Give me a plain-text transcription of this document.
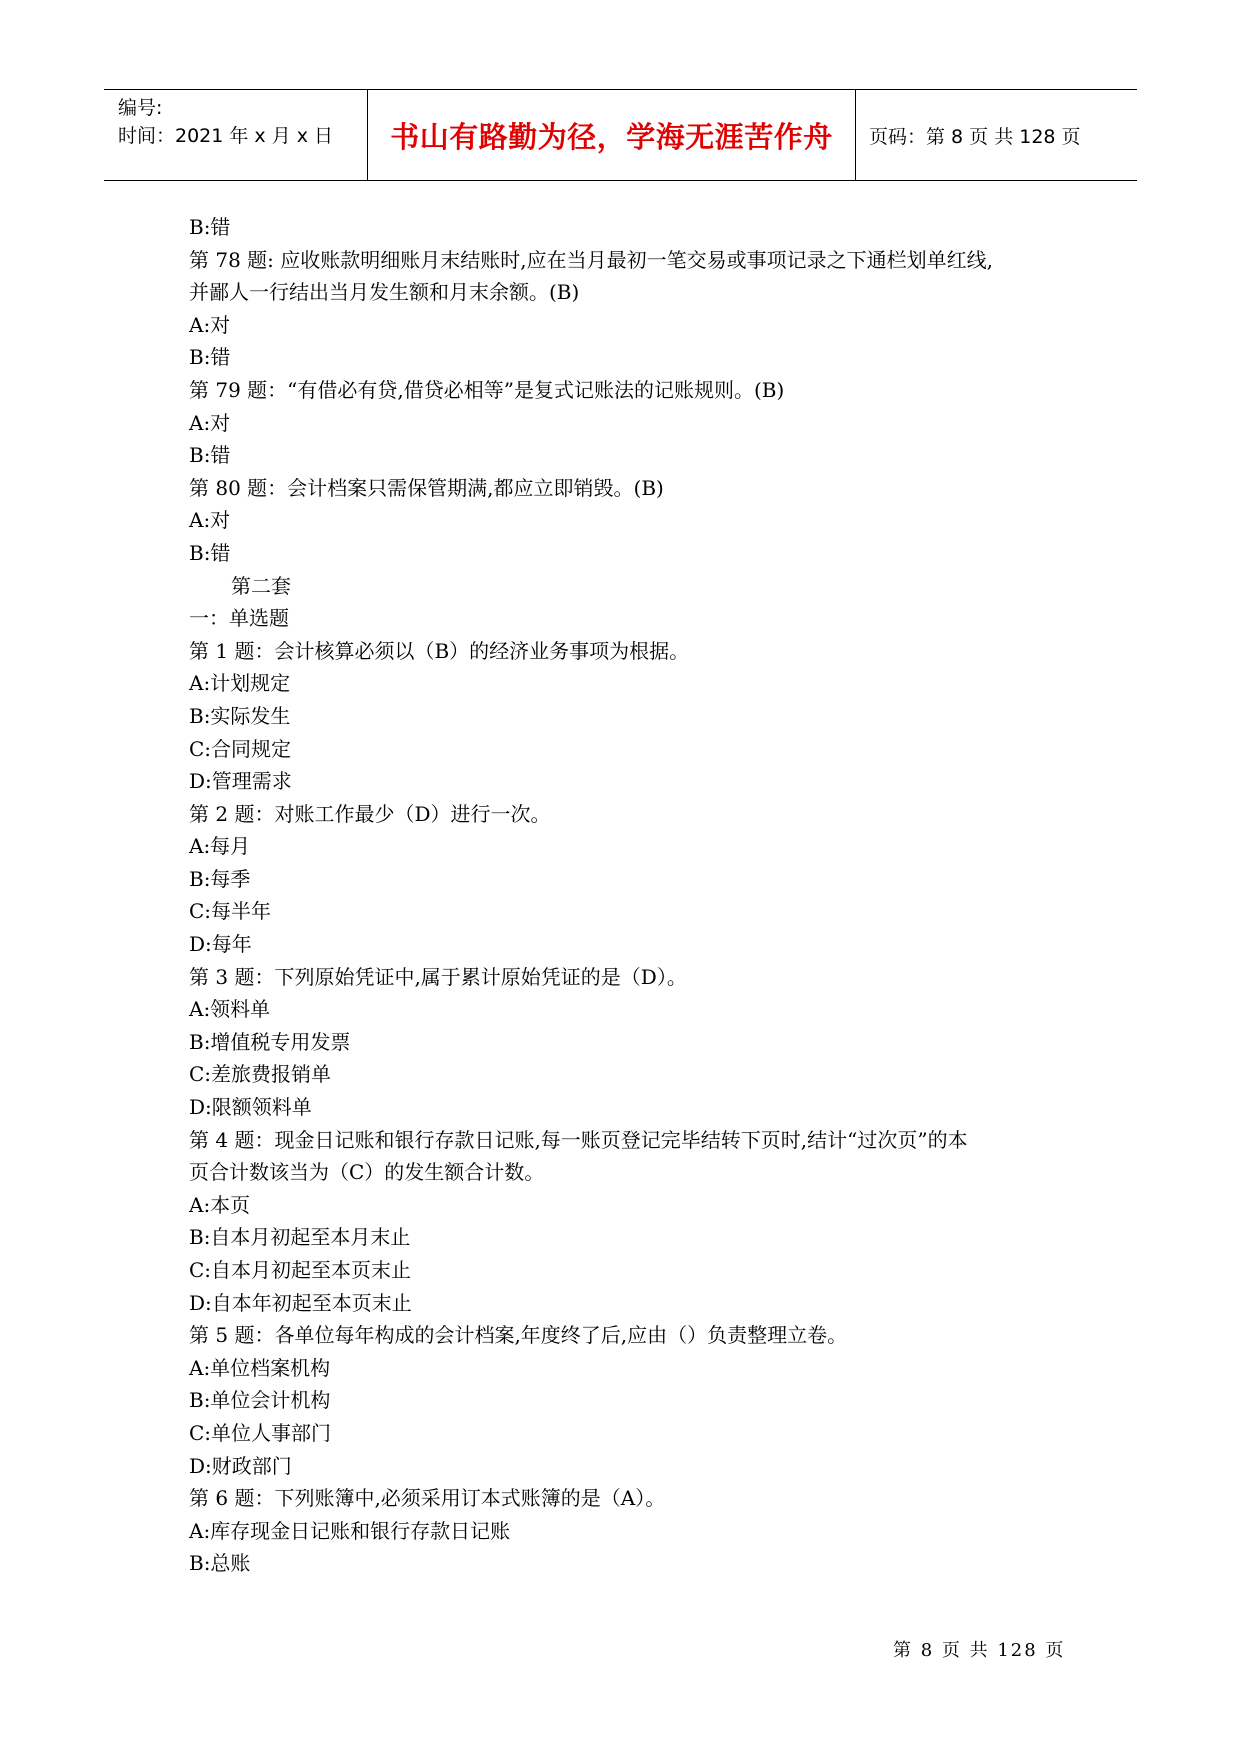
编号:
时间：2021 年 x 月 x 日	书山有路勤为径，学海无涯苦作舟	页码：第 8 页 共 128 页
B:错
第 78 题: 应收账款明细账月末结账时,应在当月最初一笔交易或事项记录之下通栏划单红线,
并鄙人一行结出当月发生额和月末余额。(B)
A:对
B:错
第 79 题：“有借必有贷,借贷必相等”是复式记账法的记账规则。(B)
A:对
B:错
第 80 题：会计档案只需保管期满,都应立即销毁。(B)
A:对
B:错
第二套
一：单选题
第 1 题：会计核算必须以（B）的经济业务事项为根据。
A:计划规定
B:实际发生
C:合同规定
D:管理需求
第 2 题：对账工作最少（D）进行一次。
A:每月
B:每季
C:每半年
D:每年
第 3 题：下列原始凭证中,属于累计原始凭证的是（D）。
A:领料单
B:增值税专用发票
C:差旅费报销单
D:限额领料单
第 4 题：现金日记账和银行存款日记账,每一账页登记完毕结转下页时,结计“过次页”的本
页合计数该当为（C）的发生额合计数。
A:本页
B:自本月初起至本月末止
C:自本月初起至本页末止
D:自本年初起至本页末止
第 5 题：各单位每年构成的会计档案,年度终了后,应由（）负责整理立卷。
A:单位档案机构
B:单位会计机构
C:单位人事部门
D:财政部门
第 6 题：下列账簿中,必须采用订本式账簿的是（A）。
A:库存现金日记账和银行存款日记账
B:总账
第 8 页 共 128 页
